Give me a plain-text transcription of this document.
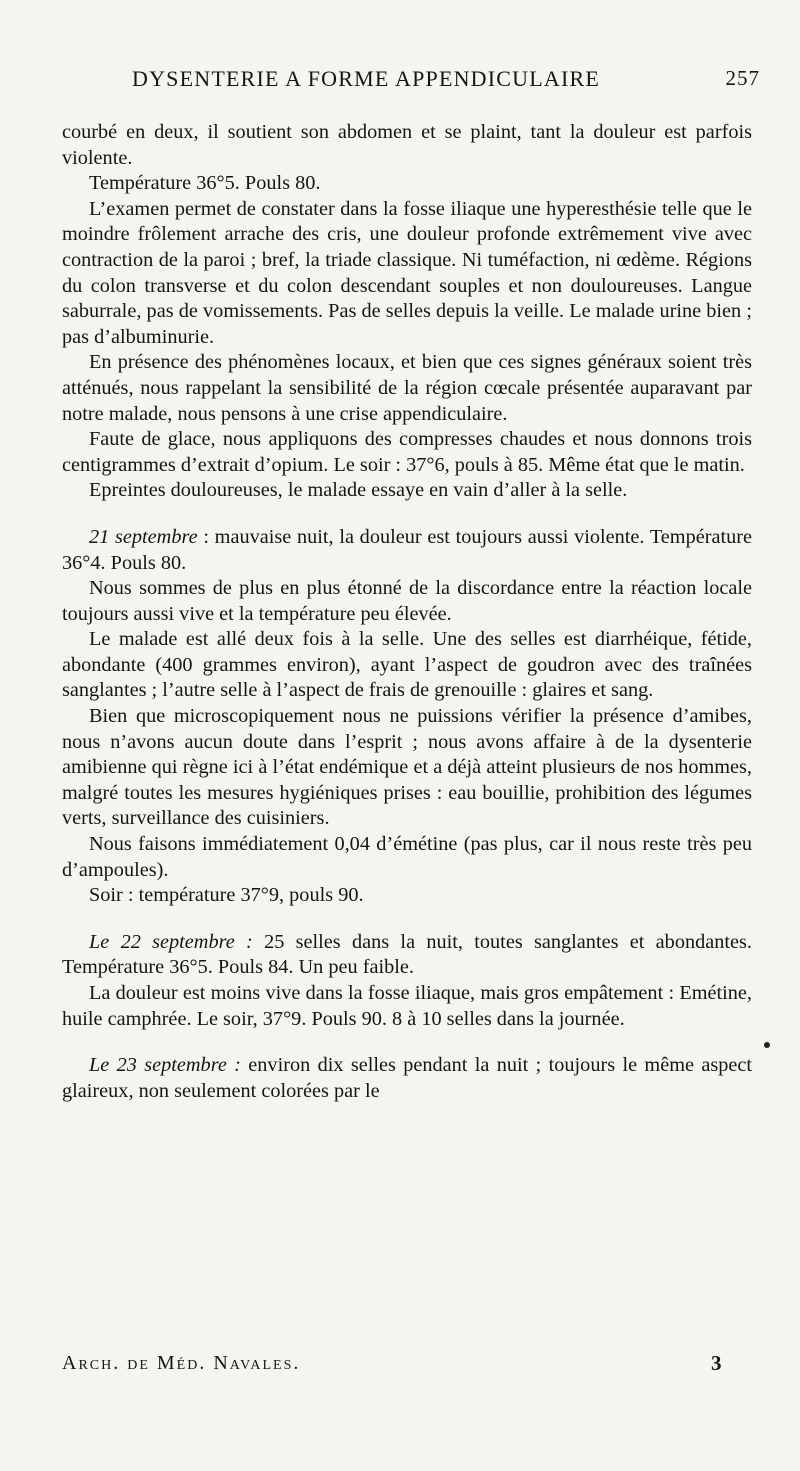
DYSENTERIE A FORME APPENDICULAIRE	257

courbé en deux, il soutient son abdomen et se plaint, tant la douleur est parfois violente.

Température 36°5. Pouls 80.

L’examen permet de constater dans la fosse iliaque une hyperesthésie telle que le moindre frôlement arrache des cris, une douleur profonde extrêmement vive avec contraction de la paroi ; bref, la triade classique. Ni tuméfaction, ni œdème. Régions du colon transverse et du colon descendant souples et non douloureuses. Langue saburrale, pas de vomissements. Pas de selles depuis la veille. Le malade urine bien ; pas d’albuminurie.

En présence des phénomènes locaux, et bien que ces signes généraux soient très atténués, nous rappelant la sensibilité de la région cœcale présentée auparavant par notre malade, nous pensons à une crise appendiculaire.

Faute de glace, nous appliquons des compresses chaudes et nous donnons trois centigrammes d’extrait d’opium. Le soir : 37°6, pouls à 85. Même état que le matin.

Epreintes douloureuses, le malade essaye en vain d’aller à la selle.

21 septembre : mauvaise nuit, la douleur est toujours aussi violente. Température 36°4. Pouls 80.

Nous sommes de plus en plus étonné de la discordance entre la réaction locale toujours aussi vive et la température peu élevée.

Le malade est allé deux fois à la selle. Une des selles est diarrhéique, fétide, abondante (400 grammes environ), ayant l’aspect de goudron avec des traînées sanglantes ; l’autre selle à l’aspect de frais de grenouille : glaires et sang.

Bien que microscopiquement nous ne puissions vérifier la présence d’amibes, nous n’avons aucun doute dans l’esprit ; nous avons affaire à de la dysenterie amibienne qui règne ici à l’état endémique et a déjà atteint plusieurs de nos hommes, malgré toutes les mesures hygiéniques prises : eau bouillie, prohibition des légumes verts, surveillance des cuisiniers.

Nous faisons immédiatement 0,04 d’émétine (pas plus, car il nous reste très peu d’ampoules).

Soir : température 37°9, pouls 90.

Le 22 septembre : 25 selles dans la nuit, toutes sanglantes et abondantes. Température 36°5. Pouls 84. Un peu faible.

La douleur est moins vive dans la fosse iliaque, mais gros empâtement : Emétine, huile camphrée. Le soir, 37°9. Pouls 90. 8 à 10 selles dans la journée.

Le 23 septembre : environ dix selles pendant la nuit ; toujours le même aspect glaireux, non seulement colorées par le

Arch. de Méd. Navales.	3
